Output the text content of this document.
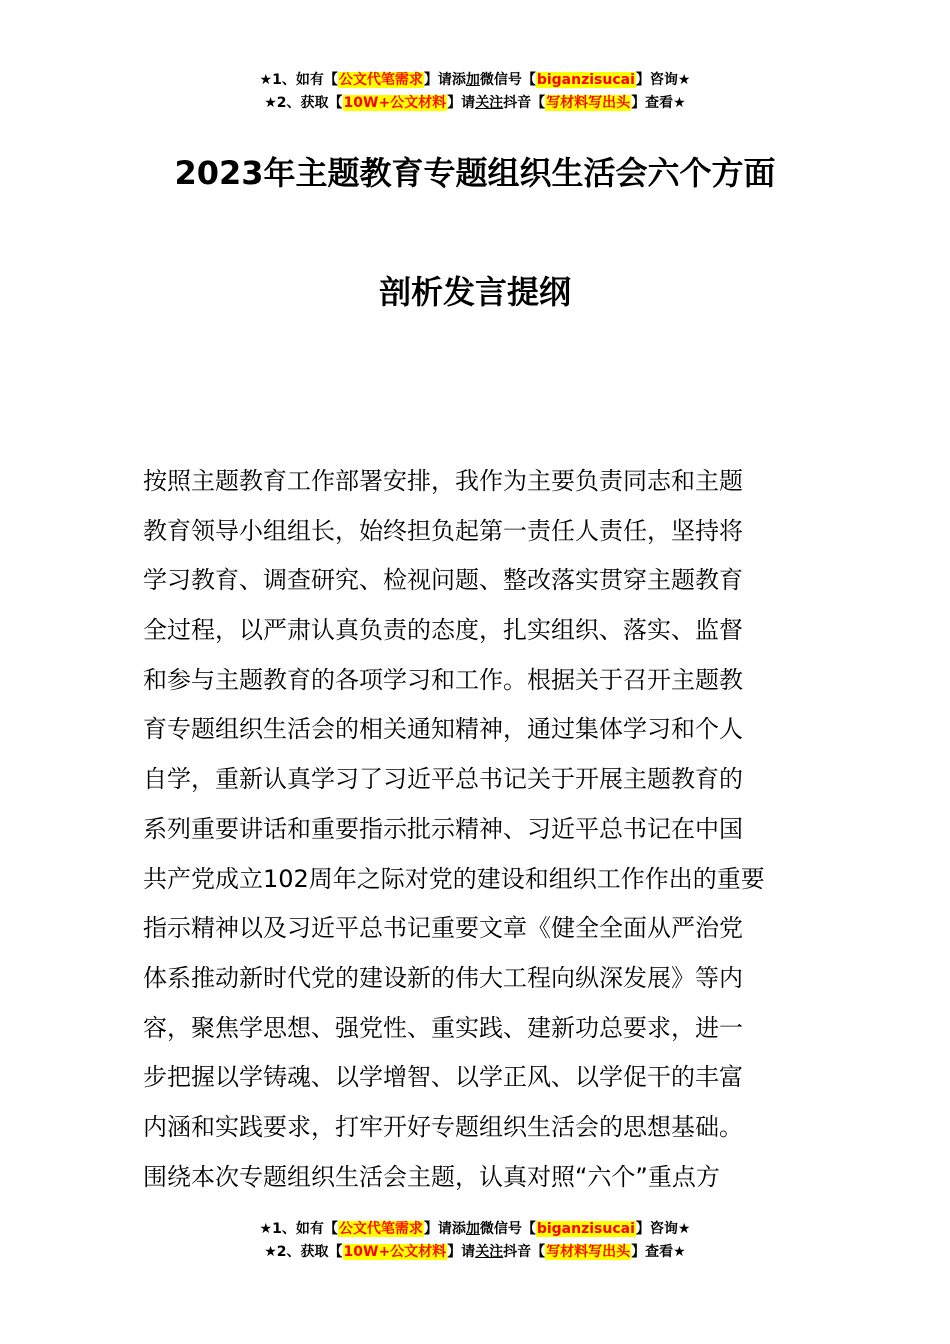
★1、如有【公文代笔需求】请添加微信号【biganzisucai】咨询★
★2、获取【10W+公文材料】请关注抖音【写材料写出头】查看★
2023年主题教育专题组织生活会六个方面
剖析发言提纲
按照主题教育工作部署安排，我作为主要负责同志和主题
教育领导小组组长，始终担负起第一责任人责任，坚持将
学习教育、调查研究、检视问题、整改落实贯穿主题教育
全过程，以严肃认真负责的态度，扎实组织、落实、监督
和参与主题教育的各项学习和工作。根据关于召开主题教
育专题组织生活会的相关通知精神，通过集体学习和个人
自学，重新认真学习了习近平总书记关于开展主题教育的
系列重要讲话和重要指示批示精神、习近平总书记在中国
共产党成立102周年之际对党的建设和组织工作作出的重要
指示精神以及习近平总书记重要文章《健全全面从严治党
体系推动新时代党的建设新的伟大工程向纵深发展》等内
容，聚焦学思想、强党性、重实践、建新功总要求，进一
步把握以学铸魂、以学增智、以学正风、以学促干的丰富
内涵和实践要求，打牢开好专题组织生活会的思想基础。
围绕本次专题组织生活会主题，认真对照“六个”重点方
★1、如有【公文代笔需求】请添加微信号【biganzisucai】咨询★
★2、获取【10W+公文材料】请关注抖音【写材料写出头】查看★
